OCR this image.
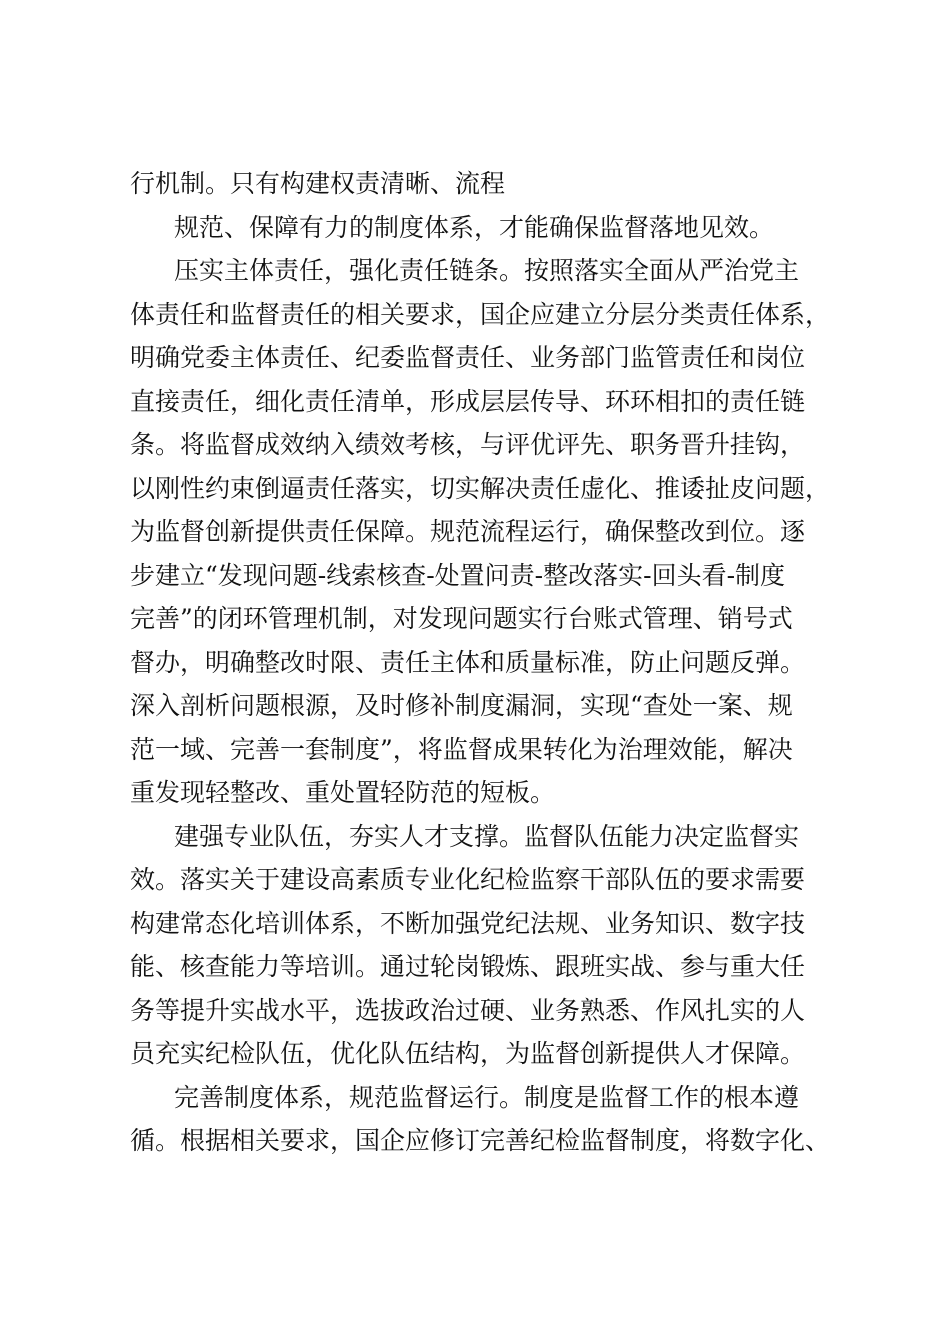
行机制。只有构建权责清晰、流程
规范、保障有力的制度体系，才能确保监督落地见效。
压实主体责任，强化责任链条。按照落实全面从严治党主
体责任和监督责任的相关要求，国企应建立分层分类责任体系，
明确党委主体责任、纪委监督责任、业务部门监管责任和岗位
直接责任，细化责任清单，形成层层传导、环环相扣的责任链
条。将监督成效纳入绩效考核，与评优评先、职务晋升挂钩，
以刚性约束倒逼责任落实，切实解决责任虚化、推诿扯皮问题，
为监督创新提供责任保障。规范流程运行，确保整改到位。逐
步建立“发现问题-线索核查-处置问责-整改落实-回头看-制度
完善”的闭环管理机制，对发现问题实行台账式管理、销号式
督办，明确整改时限、责任主体和质量标准，防止问题反弹。
深入剖析问题根源，及时修补制度漏洞，实现“查处一案、规
范一域、完善一套制度”，将监督成果转化为治理效能，解决
重发现轻整改、重处置轻防范的短板。
建强专业队伍，夯实人才支撑。监督队伍能力决定监督实
效。落实关于建设高素质专业化纪检监察干部队伍的要求需要
构建常态化培训体系，不断加强党纪法规、业务知识、数字技
能、核查能力等培训。通过轮岗锻炼、跟班实战、参与重大任
务等提升实战水平，选拔政治过硬、业务熟悉、作风扎实的人
员充实纪检队伍，优化队伍结构，为监督创新提供人才保障。
完善制度体系，规范监督运行。制度是监督工作的根本遵
循。根据相关要求，国企应修订完善纪检监督制度，将数字化、
